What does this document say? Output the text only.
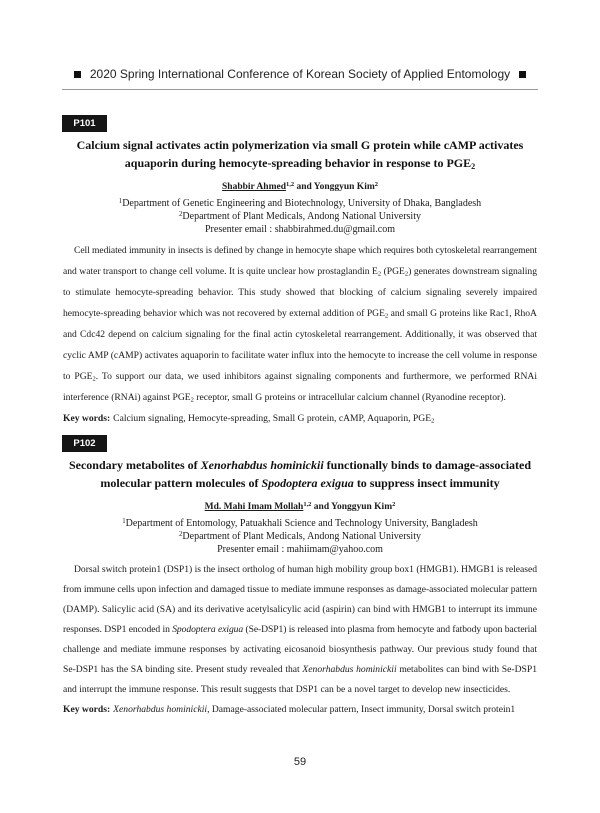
2020 Spring International Conference of Korean Society of Applied Entomology
P101
Calcium signal activates actin polymerization via small G protein while cAMP activates
aquaporin during hemocyte-spreading behavior in response to $PGE_2$
Shabbir Ahmed$^{1,2}$ and Yonggyun Kim$^2$
$^1$Department of Genetic Engineering and Biotechnology, University of Dhaka, Bangladesh
$^2$Department of Plant Medicals, Andong National University
Presenter email : shabbirahmed.du@gmail.com
Cell mediated immunity in insects is defined by change in hemocyte shape which requires both cytoskeletal rearrangement
and water transport to change cell volume. It is quite unclear how prostaglandin $E_2$ $(PGE_2)$ generates downstream signaling
to stimulate hemocyte-spreading behavior. This study showed that blocking of calcium signaling severely impaired
hemocyte-spreading behavior which was not recovered by external addition of $PGE_2$ and small G proteins like Rac1, RhoA
and Cdc42 depend on calcium signaling for the final actin cytoskeletal rearrangement. Additionally, it was observed that
cyclic AMP (cAMP) activates aquaporin to facilitate water influx into the hemocyte to increase the cell volume in response
to $PGE_2$. To support our data, we used inhibitors against signaling components and furthermore, we performed RNAi
interference (RNAi) against $PGE_2$ receptor, small G proteins or intracellular calcium channel (Ryanodine receptor).
Key words: Calcium signaling, Hemocyte-spreading, Small G protein, cAMP, Aquaporin, $PGE_2$
P102
Secondary metabolites of Xenorhabdus hominickii functionally binds to damage-associated
molecular pattern molecules of Spodoptera exigua to suppress insect immunity
Md. Mahi Imam Mollah$^{1,2}$ and Yonggyun Kim$^2$
$^1$Department of Entomology, Patuakhali Science and Technology University, Bangladesh
$^2$Department of Plant Medicals, Andong National University
Presenter email : mahiimam@yahoo.com
Dorsal switch protein1 (DSP1) is the insect ortholog of human high mobility group box1 (HMGB1). HMGB1 is released
from immune cells upon infection and damaged tissue to mediate immune responses as damage-associated molecular pattern
(DAMP). Salicylic acid (SA) and its derivative acetylsalicylic acid (aspirin) can bind with HMGB1 to interrupt its immune
responses. DSP1 encoded in Spodoptera exigua (Se-DSP1) is released into plasma from hemocyte and fatbody upon bacterial
challenge and mediate immune responses by activating eicosanoid biosynthesis pathway. Our previous study found that
Se-DSP1 has the SA binding site. Present study revealed that Xenorhabdus hominickii metabolites can bind with Se-DSP1
and interrupt the immune response. This result suggests that DSP1 can be a novel target to develop new insecticides.
Key words: Xenorhabdus hominickii, Damage-associated molecular pattern, Insect immunity, Dorsal switch protein1
59
